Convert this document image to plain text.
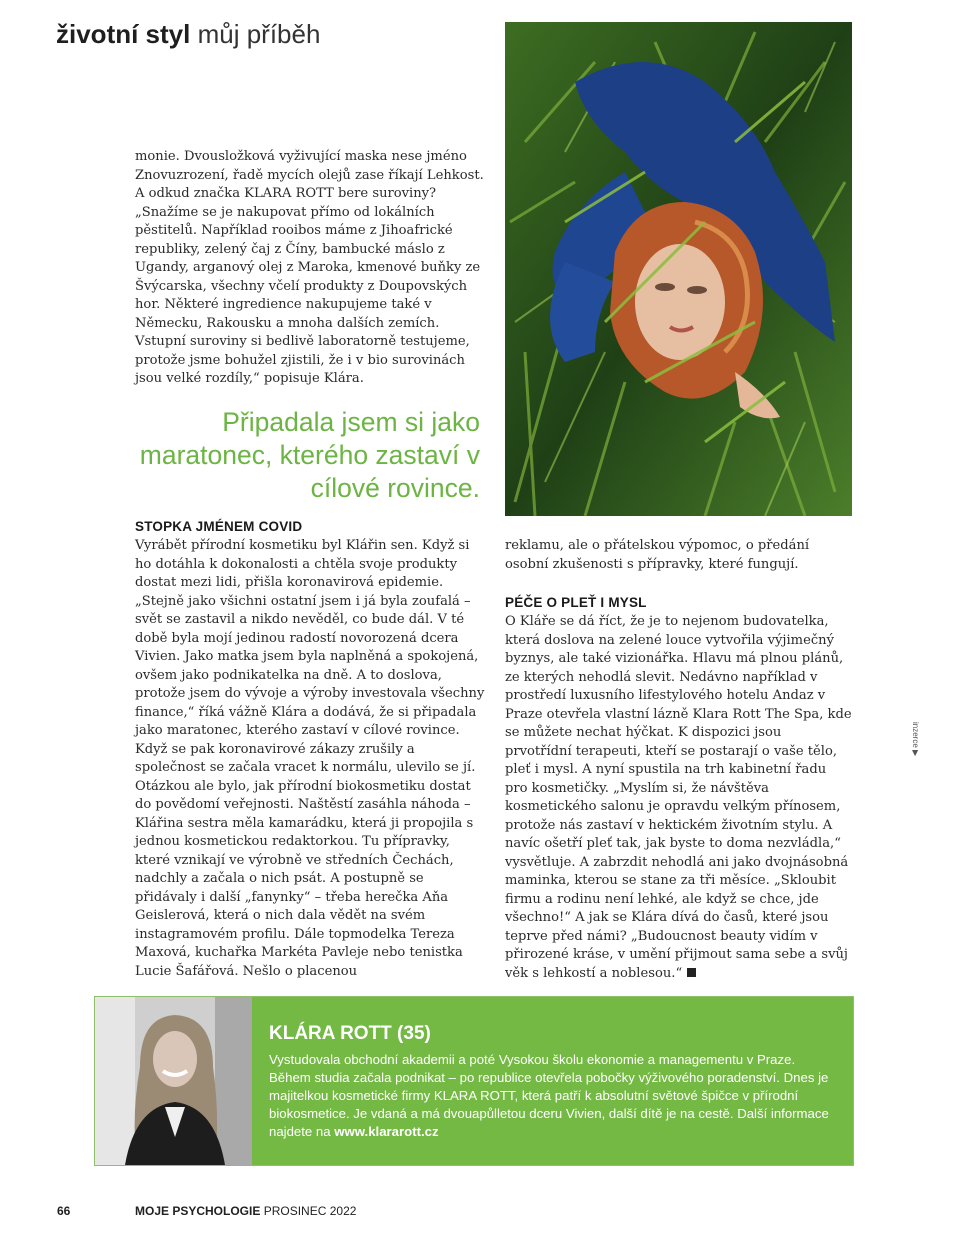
životní styl můj příběh

monie. Dvousložková vyživující maska nese jméno Znovuzrození, řadě mycích olejů zase říkají Lehkost. A odkud značka KLARA ROTT bere suroviny? „Snažíme se je nakupovat přímo od lokálních pěstitelů. Například rooibos máme z Jihoafrické republiky, zelený čaj z Číny, bambucké máslo z Ugandy, arganový olej z Maroka, kmenové buňky ze Švýcarska, všechny včelí produkty z Doupovských hor. Některé ingredience nakupujeme také v Německu, Rakousku a mnoha dalších zemích. Vstupní suroviny si bedlivě laboratorně testujeme, protože jsme bohužel zjistili, že i v bio surovinách jsou velké rozdíly,“ popisuje Klára.

Připadala jsem si jako maratonec, kterého zastaví v cílové rovince.
STOPKA JMÉNEM COVID

Vyrábět přírodní kosmetiku byl Klářin sen. Když si ho dotáhla k dokonalosti a chtěla svoje produkty dostat mezi lidi, přišla koronavirová epidemie. „Stejně jako všichni ostatní jsem i já byla zoufalá – svět se zastavil a nikdo nevěděl, co bude dál. V té době byla mojí jedinou radostí novorozená dcera Vivien. Jako matka jsem byla naplněná a spokojená, ovšem jako podnikatelka na dně. A to doslova, protože jsem do vývoje a výroby investovala všechny finance,“ říká vážně Klára a dodává, že si připadala jako maratonec, kterého zastaví v cílové rovince. Když se pak koronavirové zákazy zrušily a společnost se začala vracet k normálu, ulevilo se jí. Otázkou ale bylo, jak přírodní biokosmetiku dostat do povědomí veřejnosti. Naštěstí zasáhla náhoda – Klářina sestra měla kamarádku, která ji propojila s jednou kosmetickou redaktorkou. Tu přípravky, které vznikají ve výrobně ve středních Čechách, nadchly a začala o nich psát. A postupně se přidávaly i další „fanynky“ – třeba herečka Aňa Geislerová, která o nich dala vědět na svém instagramovém profilu. Dále topmodelka Tereza Maxová, kuchařka Markéta Pavleje nebo tenistka Lucie Šafářová. Nešlo o placenou

reklamu, ale o přátelskou výpomoc, o předání osobní zkušenosti s přípravky, které fungují.

PÉČE O PLEŤ I MYSL

O Kláře se dá říct, že je to nejenom budovatelka, která doslova na zelené louce vytvořila výjimečný byznys, ale také vizionářka. Hlavu má plnou plánů, ze kterých nehodlá slevit. Nedávno například v prostředí luxusního lifestylového hotelu Andaz v Praze otevřela vlastní lázně Klara Rott The Spa, kde se můžete nechat hýčkat. K dispozici jsou prvotřídní terapeuti, kteří se postarají o vaše tělo, pleť i mysl. A nyní spustila na trh kabinetní řadu pro kosmetičky. „Myslím si, že návštěva kosmetického salonu je opravdu velkým přínosem, protože nás zastaví v hektickém životním stylu. A navíc ošetří pleť tak, jak byste to doma nezvládla,“ vysvětluje. A zabrzdit nehodlá ani jako dvojnásobná maminka, kterou se stane za tři měsíce. „Skloubit firmu a rodinu není lehké, ale když se chce, jde všechno!“ A jak se Klára dívá do časů, které jsou teprve před námi? „Budoucnost beauty vidím v přirozené kráse, v umění přijmout sama sebe a svůj věk s lehkostí a noblesou.“

inzerce ▶
KLÁRA ROTT (35)

Vystudovala obchodní akademii a poté Vysokou školu ekonomie a managementu v Praze. Během studia začala podnikat – po republice otevřela pobočky výživového poradenství. Dnes je majitelkou kosmetické firmy KLARA ROTT, která patří k absolutní světové špičce v přírodní biokosmetice. Je vdaná a má dvouapůlletou dceru Vivien, další dítě je na cestě. Další informace najdete na www.klararott.cz

66	MOJE PSYCHOLOGIE PROSINEC 2022
